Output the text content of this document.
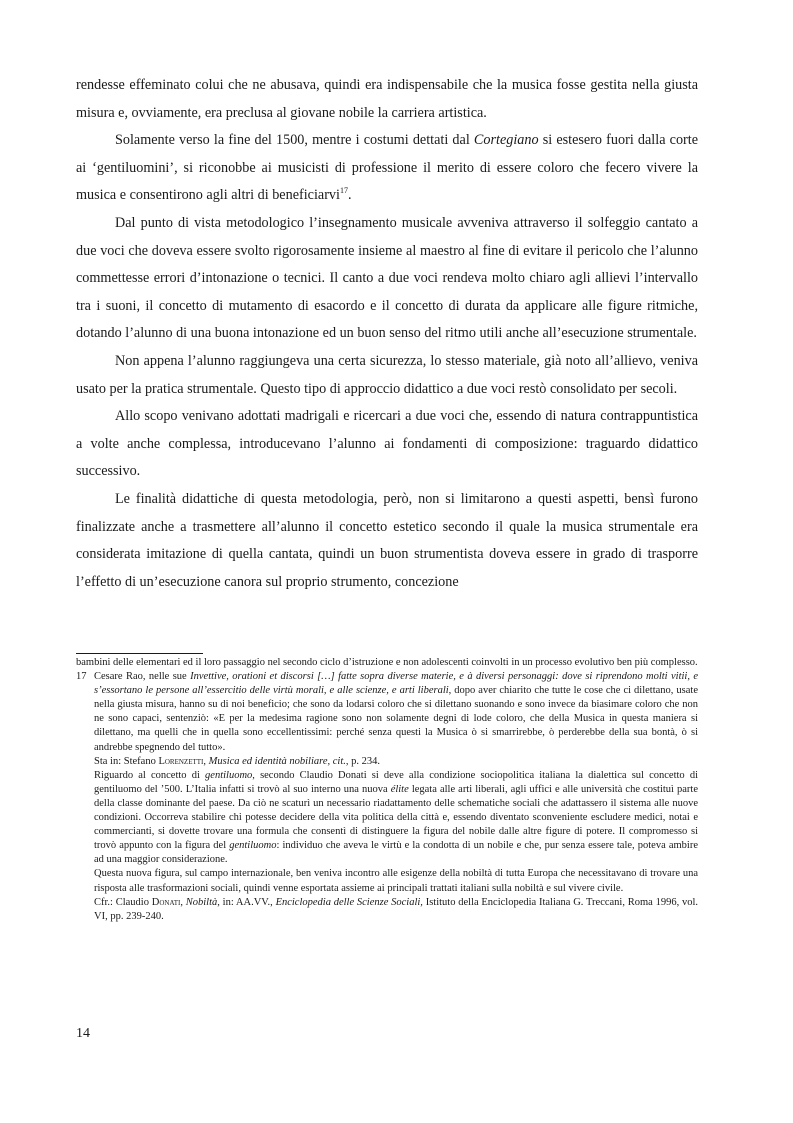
rendesse effeminato colui che ne abusava, quindi era indispensabile che la musica fosse gestita nella giusta misura e, ovviamente, era preclusa al giovane nobile la carriera artistica.

Solamente verso la fine del 1500, mentre i costumi dettati dal Cortegiano si estesero fuori dalla corte ai ‘gentiluomini’, si riconobbe ai musicisti di professione il merito di essere coloro che fecero vivere la musica e consentirono agli altri di beneficiarvi$^{17}$.

Dal punto di vista metodologico l’insegnamento musicale avveniva attraverso il solfeggio cantato a due voci che doveva essere svolto rigorosamente insieme al maestro al fine di evitare il pericolo che l’alunno commettesse errori d’intonazione o tecnici. Il canto a due voci rendeva molto chiaro agli allievi l’intervallo tra i suoni, il concetto di mutamento di esacordo e il concetto di durata da applicare alle figure ritmiche, dotando l’alunno di una buona intonazione ed un buon senso del ritmo utili anche all’esecuzione strumentale.

Non appena l’alunno raggiungeva una certa sicurezza, lo stesso materiale, già noto all’allievo, veniva usato per la pratica strumentale. Questo tipo di approccio didattico a due voci restò consolidato per secoli.

Allo scopo venivano adottati madrigali e ricercari a due voci che, essendo di natura contrappuntistica a volte anche complessa, introducevano l’alunno ai fondamenti di composizione: traguardo didattico successivo.

Le finalità didattiche di questa metodologia, però, non si limitarono a questi aspetti, bensì furono finalizzate anche a trasmettere all’alunno il concetto estetico secondo il quale la musica strumentale era considerata imitazione di quella cantata, quindi un buon strumentista doveva essere in grado di trasporre l’effetto di un’esecuzione canora sul proprio strumento, concezione

bambini delle elementari ed il loro passaggio nel secondo ciclo d’istruzione e non adolescenti coinvolti in un processo evolutivo ben più complesso.

17 Cesare Rao, nelle sue Invettive, orationi et discorsi […] fatte sopra diverse materie, e à diversi personaggi: dove si riprendono molti vitii, e s’essortano le persone all’essercitio delle virtù morali, e alle scienze, e arti liberali, dopo aver chiarito che tutte le cose che ci dilettano, usate nella giusta misura, hanno su di noi beneficio; che sono da lodarsi coloro che si dilettano suonando e sono invece da biasimare coloro che non ne sono capaci, sentenziò: «E per la medesima ragione sono non solamente degni di lode coloro, che della Musica in questa maniera si dilettano, ma quelli che in quella sono eccellentissimi: perché senza questi la Musica ò si smarrirebbe, ò perderebbe della sua bontà, ò si andrebbe spegnendo del tutto».

Sta in: Stefano Lorenzetti, Musica ed identità nobiliare, cit., p. 234.

Riguardo al concetto di gentiluomo, secondo Claudio Donati si deve alla condizione sociopolitica italiana la dialettica sul concetto di gentiluomo del ’500. L’Italia infatti si trovò al suo interno una nuova élite legata alle arti liberali, agli uffici e alle università che costituì parte della classe dominante del paese. Da ciò ne scaturì un necessario riadattamento delle schematiche sociali che adattassero il sistema alle nuove condizioni. Occorreva stabilire chi potesse decidere della vita politica della città e, essendo diventato sconveniente escludere medici, notai e commercianti, si dovette trovare una formula che consentì di distinguere la figura del nobile dalle altre figure di potere. Il compromesso si trovò appunto con la figura del gentiluomo: individuo che aveva le virtù e la condotta di un nobile e che, pur senza essere tale, poteva ambire ad una maggior considerazione.

Questa nuova figura, sul campo internazionale, ben veniva incontro alle esigenze della nobiltà di tutta Europa che necessitavano di trovare una risposta alle trasformazioni sociali, quindi venne esportata assieme ai principali trattati italiani sulla nobiltà e sul vivere civile.

Cfr.: Claudio Donati, Nobiltà, in: AA.VV., Enciclopedia delle Scienze Sociali, Istituto della Enciclopedia Italiana G. Treccani, Roma 1996, vol. VI, pp. 239-240.

14
